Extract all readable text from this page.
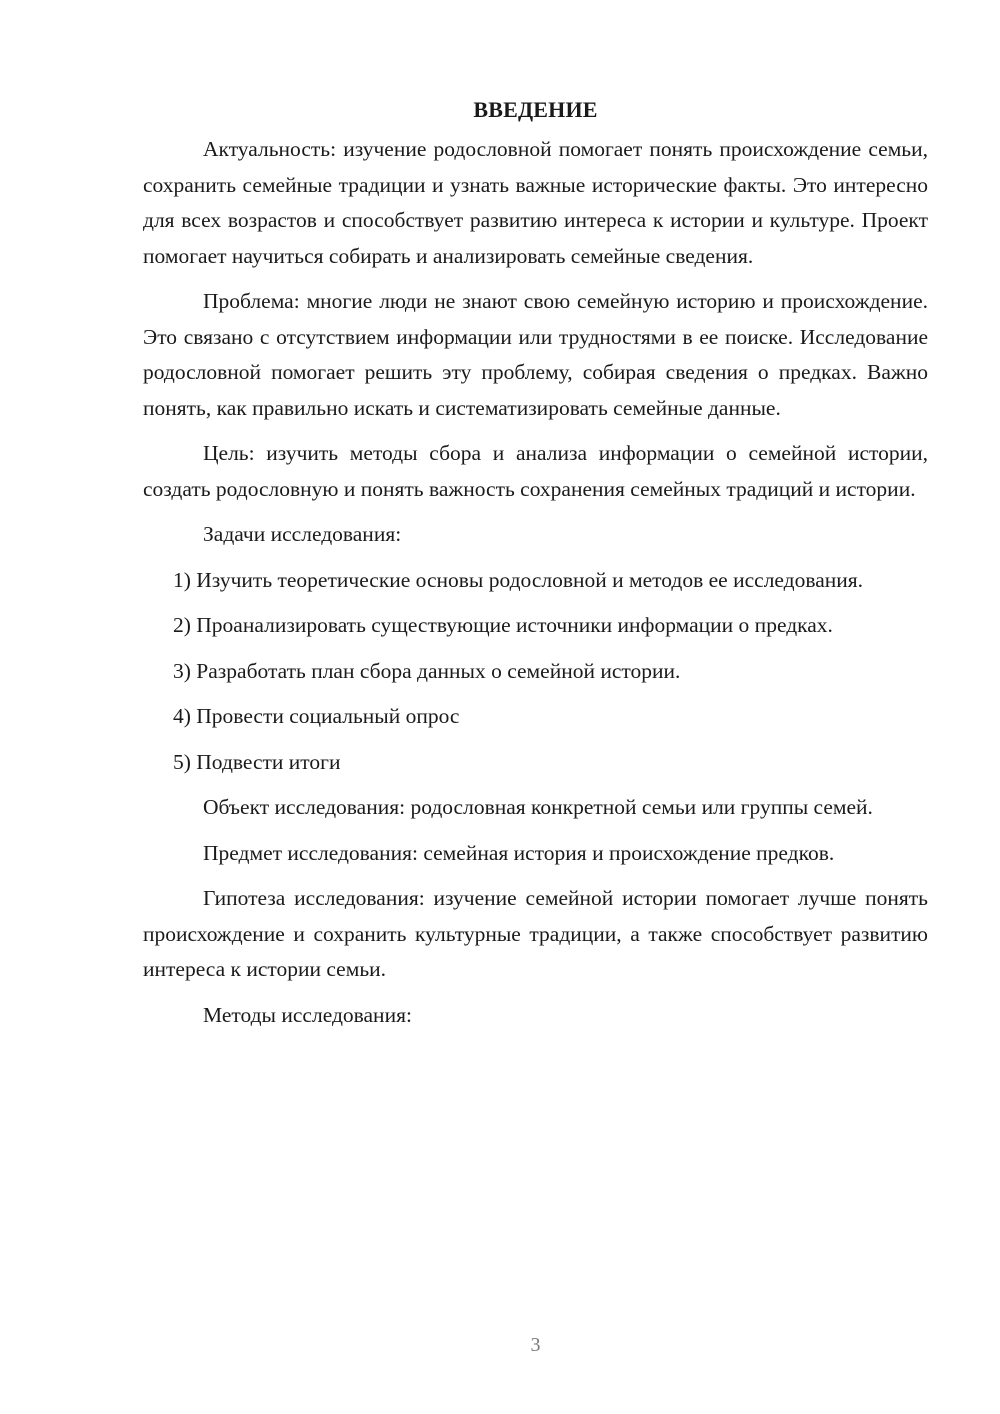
ВВЕДЕНИЕ

Актуальность: изучение родословной помогает понять происхождение семьи, сохранить семейные традиции и узнать важные исторические факты. Это интересно для всех возрастов и способствует развитию интереса к истории и культуре. Проект помогает научиться собирать и анализировать семейные сведения.

Проблема: многие люди не знают свою семейную историю и происхождение. Это связано с отсутствием информации или трудностями в ее поиске. Исследование родословной помогает решить эту проблему, собирая сведения о предках. Важно понять, как правильно искать и систематизировать семейные данные.

Цель: изучить методы сбора и анализа информации о семейной истории, создать родословную и понять важность сохранения семейных традиций и истории.

Задачи исследования:

1) Изучить теоретические основы родословной и методов ее исследования.

2) Проанализировать существующие источники информации о предках.

3) Разработать план сбора данных о семейной истории.

4) Провести социальный опрос

5) Подвести итоги

Объект исследования: родословная конкретной семьи или группы семей.

Предмет исследования: семейная история и происхождение предков.

Гипотеза исследования: изучение семейной истории помогает лучше понять происхождение и сохранить культурные традиции, а также способствует развитию интереса к истории семьи.

Методы исследования:

3
